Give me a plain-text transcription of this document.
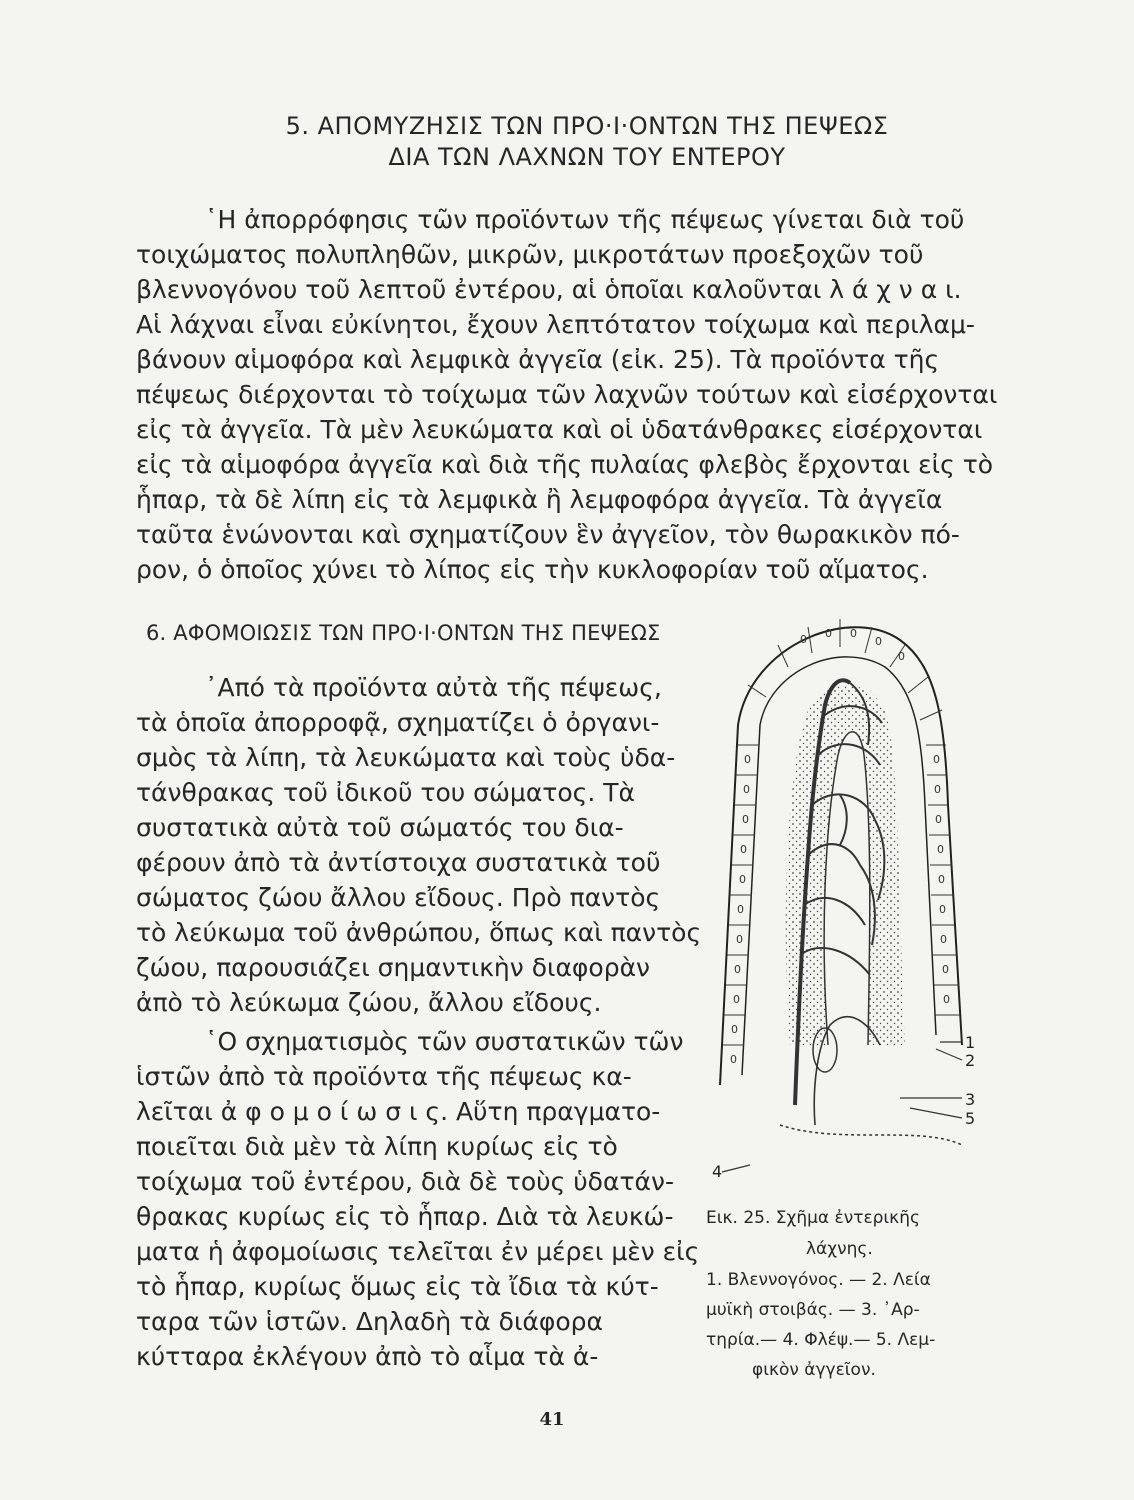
5. ΑΠΟΜΥΖΗΣΙΣ ΤΩΝ ΠΡΟ·Ι·ΟΝΤΩΝ ΤΗΣ ΠΕΨΕΩΣ
ΔΙΑ ΤΩΝ ΛΑΧΝΩΝ ΤΟΥ ΕΝΤΕΡΟΥ
῾Η ἀπορρόφησις τῶν προϊόντων τῆς πέψεως γίνεται διὰ τοῦ
τοιχώματος πολυπληθῶν, μικρῶν, μικροτάτων προεξοχῶν τοῦ
βλεννογόνου τοῦ λεπτοῦ ἐντέρου, αἱ ὁποῖαι καλοῦνται λ ά χ ν α ι.
Αἱ λάχναι εἶναι εὐκίνητοι, ἔχουν λεπτότατον τοίχωμα καὶ περιλαμ-
βάνουν αἱμοφόρα καὶ λεμφικὰ ἀγγεῖα (εἰκ. 25). Τὰ προϊόντα τῆς
πέψεως διέρχονται τὸ τοίχωμα τῶν λαχνῶν τούτων καὶ εἰσέρχονται
εἰς τὰ ἀγγεῖα. Τὰ μὲν λευκώματα καὶ οἱ ὑδατάνθρακες εἰσέρχονται
εἰς τὰ αἱμοφόρα ἀγγεῖα καὶ διὰ τῆς πυλαίας φλεβὸς ἔρχονται εἰς τὸ
ἧπαρ, τὰ δὲ λίπη εἰς τὰ λεμφικὰ ἢ λεμφοφόρα ἀγγεῖα. Τὰ ἀγγεῖα
ταῦτα ἑνώνονται καὶ σχηματίζουν ἓν ἀγγεῖον, τὸν θωρακικὸν πό-
ρον, ὁ ὁποῖος χύνει τὸ λίπος εἰς τὴν κυκλοφορίαν τοῦ αἵματος.
6. ΑΦΟΜΟΙΩΣΙΣ ΤΩΝ ΠΡΟ·Ι·ΟΝΤΩΝ ΤΗΣ ΠΕΨΕΩΣ
᾿Από τὰ προϊόντα αὐτὰ τῆς πέψεως,
τὰ ὁποῖα ἀπορροφᾷ, σχηματίζει ὁ ὀργανι-
σμὸς τὰ λίπη, τὰ λευκώματα καὶ τοὺς ὑδα-
τάνθρακας τοῦ ἰδικοῦ του σώματος. Τὰ
συστατικὰ αὐτὰ τοῦ σώματός του δια-
φέρουν ἀπὸ τὰ ἀντίστοιχα συστατικὰ τοῦ
σώματος ζώου ἄλλου εἴδους. Πρὸ παντὸς
τὸ λεύκωμα τοῦ ἀνθρώπου, ὅπως καὶ παντὸς
ζώου, παρουσιάζει σημαντικὴν διαφορὰν
ἀπὸ τὸ λεύκωμα ζώου, ἄλλου εἴδους.
῾Ο σχηματισμὸς τῶν συστατικῶν τῶν
ἱστῶν ἀπὸ τὰ προϊόντα τῆς πέψεως κα-
λεῖται ἀ φ ο μ ο ί ω σ ι ς. Αὕτη πραγματο-
ποιεῖται διὰ μὲν τὰ λίπη κυρίως εἰς τὸ
τοίχωμα τοῦ ἐντέρου, διὰ δὲ τοὺς ὑδατάν-
θρακας κυρίως εἰς τὸ ἧπαρ. Διὰ τὰ λευκώ-
ματα ἡ ἀφομοίωσις τελεῖται ἐν μέρει μὲν εἰς
τὸ ἧπαρ, κυρίως ὅμως εἰς τὰ ἴδια τὰ κύτ-
ταρα τῶν ἱστῶν. Δηλαδὴ τὰ διάφορα
κύτταρα ἐκλέγουν ἀπὸ τὸ αἷμα τὰ ἀ-
0
0
0
0
0
0
0
0
0
0
0
0
0
0
0
0
0
0
0
0
0 0 0
0
0
1
2
3
5
4
Εικ. 25. Σχῆμα ἐντερικῆς
λάχνης.
1. Βλεννογόνος. — 2. Λεία
μυϊκὴ στοιβάς. — 3. ᾿Αρ-
τηρία.— 4. Φλέψ.— 5. Λεμ-
φικὸν ἀγγεῖον.
41
